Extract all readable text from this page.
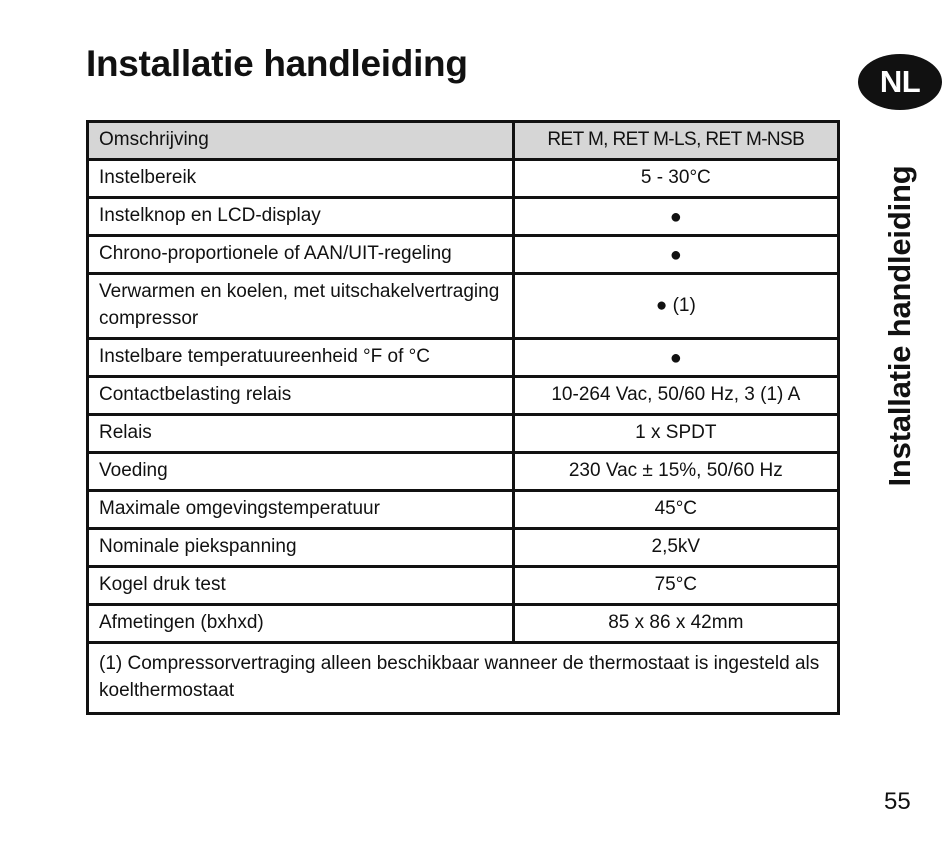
Installatie handleiding	NL
Installatie handleiding
Omschrijving	RET M, RET M-LS, RET M-NSB
Instelbereik	5 - 30°C
Instelknop en LCD-display	●
Chrono-proportionele of AAN/UIT-regeling	●
Verwarmen en koelen, met uitschakelvertraging compressor	● (1)
Instelbare temperatuureenheid °F of °C	●
Contactbelasting relais	10-264 Vac, 50/60 Hz, 3 (1) A
Relais	1 x SPDT
Voeding	230 Vac ± 15%, 50/60 Hz
Maximale omgevingstemperatuur	45°C
Nominale piekspanning	2,5kV
Kogel druk test	75°C
Afmetingen (bxhxd)	85 x 86 x 42mm
(1) Compressorvertraging alleen beschikbaar wanneer de thermostaat is ingesteld als koelthermostaat	
55
